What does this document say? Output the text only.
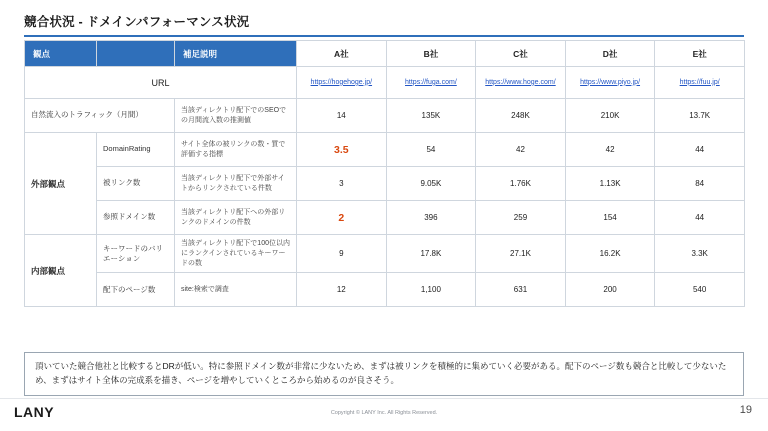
競合状況 - ドメインパフォーマンス状況
観点		補足説明	A社	B社	C社	D社	E社
URL			https://hogehoge.jp/	https://fuga.com/	https://www.hoge.com/	https://www.piyo.jp/	https://fuu.jp/
自然流入のトラフィック（月間）		当該ディレクトリ配下でのSEOでの月間流入数の推測値	14	135K	248K	210K	13.7K
外部観点	DomainRating	サイト全体の被リンクの数・質で評価する指標	3.5	54	42	42	44
	被リンク数	当該ディレクトリ配下で外部サイトからリンクされている件数	3	9.05K	1.76K	1.13K	84
	参照ドメイン数	当該ディレクトリ配下への外部リンクのドメインの件数	2	396	259	154	44
内部観点	キーワードのバリエーション	当該ディレクトリ配下で100位以内にランクインされているキーワードの数	9	17.8K	27.1K	16.2K	3.3K
	配下のページ数	site:検索で調査	12	1,100	631	200	540
頂いていた競合他社と比較するとDRが低い。特に参照ドメイン数が非常に少ないため、まずは被リンクを積極的に集めていく必要がある。配下のページ数も競合と比較して少ないため、まずはサイト全体の完成系を描き、ページを増やしていくところから始めるのが良さそう。
LANY	Copyright © LANY Inc. All Rights Reserved.	19
